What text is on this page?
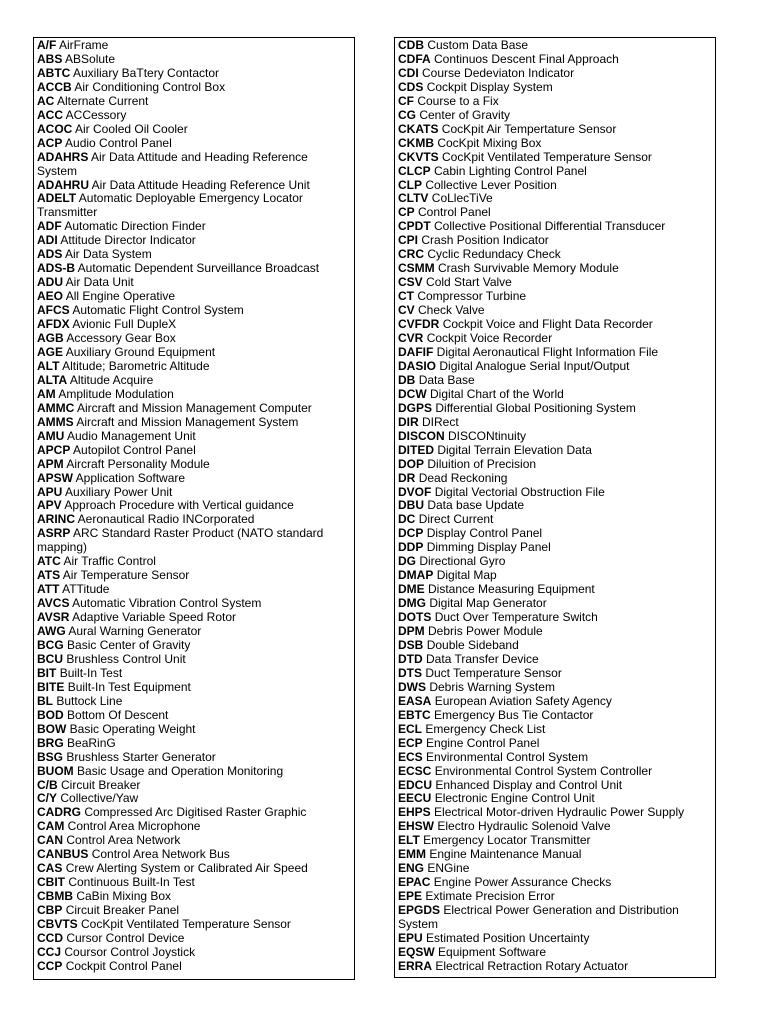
A/F AirFrame
ABS ABSolute
ABTC Auxiliary BaTtery Contactor
ACCB Air Conditioning Control Box
AC Alternate Current
ACC ACCessory
ACOC Air Cooled Oil Cooler
ACP Audio Control Panel
ADAHRS Air Data Attitude and Heading Reference System
ADAHRU Air Data Attitude Heading Reference Unit
ADELT Automatic Deployable Emergency Locator Transmitter
ADF Automatic Direction Finder
ADI Attitude Director Indicator
ADS Air Data System
ADS-B Automatic Dependent Surveillance Broadcast
ADU Air Data Unit
AEO All Engine Operative
AFCS Automatic Flight Control System
AFDX Avionic Full DupleX
AGB Accessory Gear Box
AGE Auxiliary Ground Equipment
ALT Altitude; Barometric Altitude
ALTA Altitude Acquire
AM Amplitude Modulation
AMMC Aircraft and Mission Management Computer
AMMS Aircraft and Mission Management System
AMU Audio Management Unit
APCP Autopilot Control Panel
APM Aircraft Personality Module
APSW Application Software
APU Auxiliary Power Unit
APV Approach Procedure with Vertical guidance
ARINC Aeronautical Radio INCorporated
ASRP ARC Standard Raster Product (NATO standard mapping)
ATC Air Traffic Control
ATS Air Temperature Sensor
ATT ATTitude
AVCS Automatic Vibration Control System
AVSR Adaptive Variable Speed Rotor
AWG Aural Warning Generator
BCG Basic Center of Gravity
BCU Brushless Control Unit
BIT Built-In Test
BITE Built-In Test Equipment
BL Buttock Line
BOD Bottom Of Descent
BOW Basic Operating Weight
BRG BeaRinG
BSG Brushless Starter Generator
BUOM Basic Usage and Operation Monitoring
C/B Circuit Breaker
C/Y Collective/Yaw
CADRG Compressed Arc Digitised Raster Graphic
CAM Control Area Microphone
CAN Control Area Network
CANBUS Control Area Network Bus
CAS Crew Alerting System or Calibrated Air Speed
CBIT Continuous Built-In Test
CBMB CaBin Mixing Box
CBP Circuit Breaker Panel
CBVTS CocKpit Ventilated Temperature Sensor
CCD Cursor Control Device
CCJ Coursor Control Joystick
CCP Cockpit Control Panel
CDB Custom Data Base
CDFA Continuos Descent Final Approach
CDI Course Dedeviaton Indicator
CDS Cockpit Display System
CF Course to a Fix
CG Center of Gravity
CKATS CocKpit Air Tempertature Sensor
CKMB CocKpit Mixing Box
CKVTS CocKpit Ventilated Temperature Sensor
CLCP Cabin Lighting Control Panel
CLP Collective Lever Position
CLTV CoLlecTiVe
CP Control Panel
CPDT Collective Positional Differential Transducer
CPI Crash Position Indicator
CRC Cyclic Redundacy Check
CSMM Crash Survivable Memory Module
CSV Cold Start Valve
CT Compressor Turbine
CV Check Valve
CVFDR Cockpit Voice and Flight Data Recorder
CVR Cockpit Voice Recorder
DAFIF Digital Aeronautical Flight Information File
DASIO Digital Analogue Serial Input/Output
DB Data Base
DCW Digital Chart of the World
DGPS Differential Global Positioning System
DIR DIRect
DISCON DISCONtinuity
DITED Digital Terrain Elevation Data
DOP Diluition of Precision
DR Dead Reckoning
DVOF Digital Vectorial Obstruction File
DBU Data base Update
DC Direct Current
DCP Display Control Panel
DDP Dimming Display Panel
DG Directional Gyro
DMAP Digital Map
DME Distance Measuring Equipment
DMG Digital Map Generator
DOTS Duct Over Temperature Switch
DPM Debris Power Module
DSB Double Sideband
DTD Data Transfer Device
DTS Duct Temperature Sensor
DWS Debris Warning System
EASA European Aviation Safety Agency
EBTC Emergency Bus Tie Contactor
ECL Emergency Check List
ECP Engine Control Panel
ECS Environmental Control System
ECSC Environmental Control System Controller
EDCU Enhanced Display and Control Unit
EECU Electronic Engine Control Unit
EHPS Electrical Motor-driven Hydraulic Power Supply
EHSW Electro Hydraulic Solenoid Valve
ELT Emergency Locator Transmitter
EMM Engine Maintenance Manual
ENG ENGine
EPAC Engine Power Assurance Checks
EPE Extimate Precision Error
EPGDS Electrical Power Generation and Distribution System
EPU Estimated Position Uncertainty
EQSW Equipment Software
ERRA Electrical Retraction Rotary Actuator
